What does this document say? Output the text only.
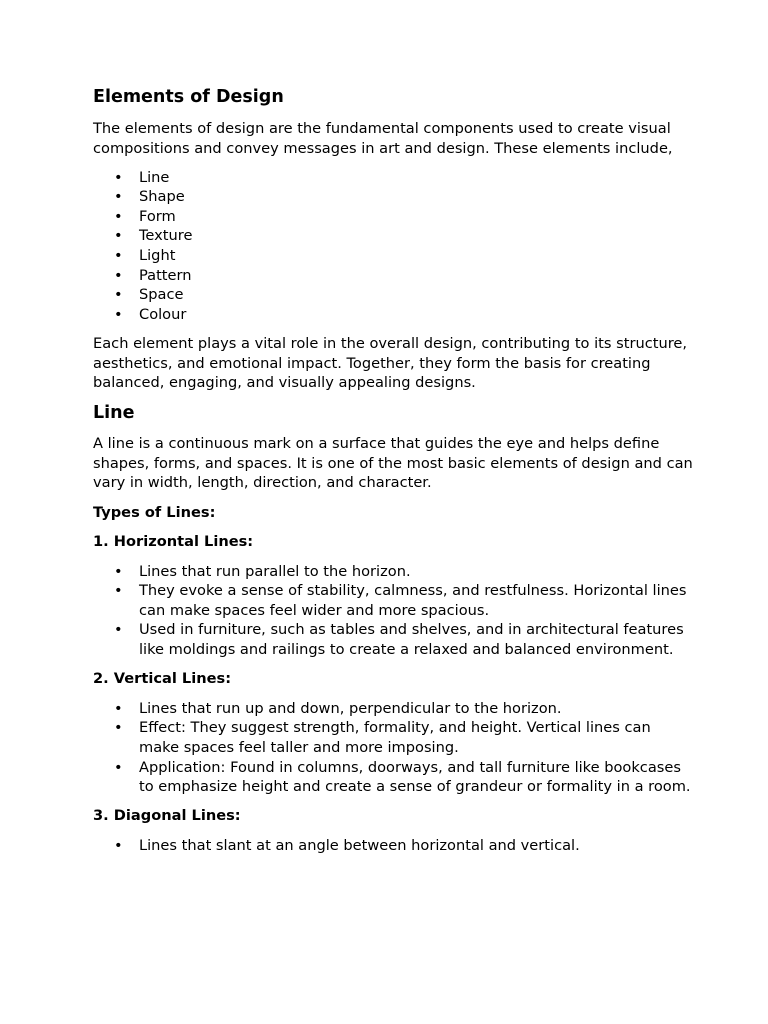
Elements of Design

The elements of design are the fundamental components used to create visual compositions and convey messages in art and design. These elements include,

• Line
• Shape
• Form
• Texture
• Light
• Pattern
• Space
• Colour

Each element plays a vital role in the overall design, contributing to its structure, aesthetics, and emotional impact. Together, they form the basis for creating balanced, engaging, and visually appealing designs.

Line

A line is a continuous mark on a surface that guides the eye and helps define shapes, forms, and spaces. It is one of the most basic elements of design and can vary in width, length, direction, and character.

Types of Lines:

1. Horizontal Lines:

• Lines that run parallel to the horizon.
• They evoke a sense of stability, calmness, and restfulness. Horizontal lines can make spaces feel wider and more spacious.
• Used in furniture, such as tables and shelves, and in architectural features like moldings and railings to create a relaxed and balanced environment.

2. Vertical Lines:

• Lines that run up and down, perpendicular to the horizon.
• Effect: They suggest strength, formality, and height. Vertical lines can make spaces feel taller and more imposing.
• Application: Found in columns, doorways, and tall furniture like bookcases to emphasize height and create a sense of grandeur or formality in a room.

3. Diagonal Lines:

• Lines that slant at an angle between horizontal and vertical.
